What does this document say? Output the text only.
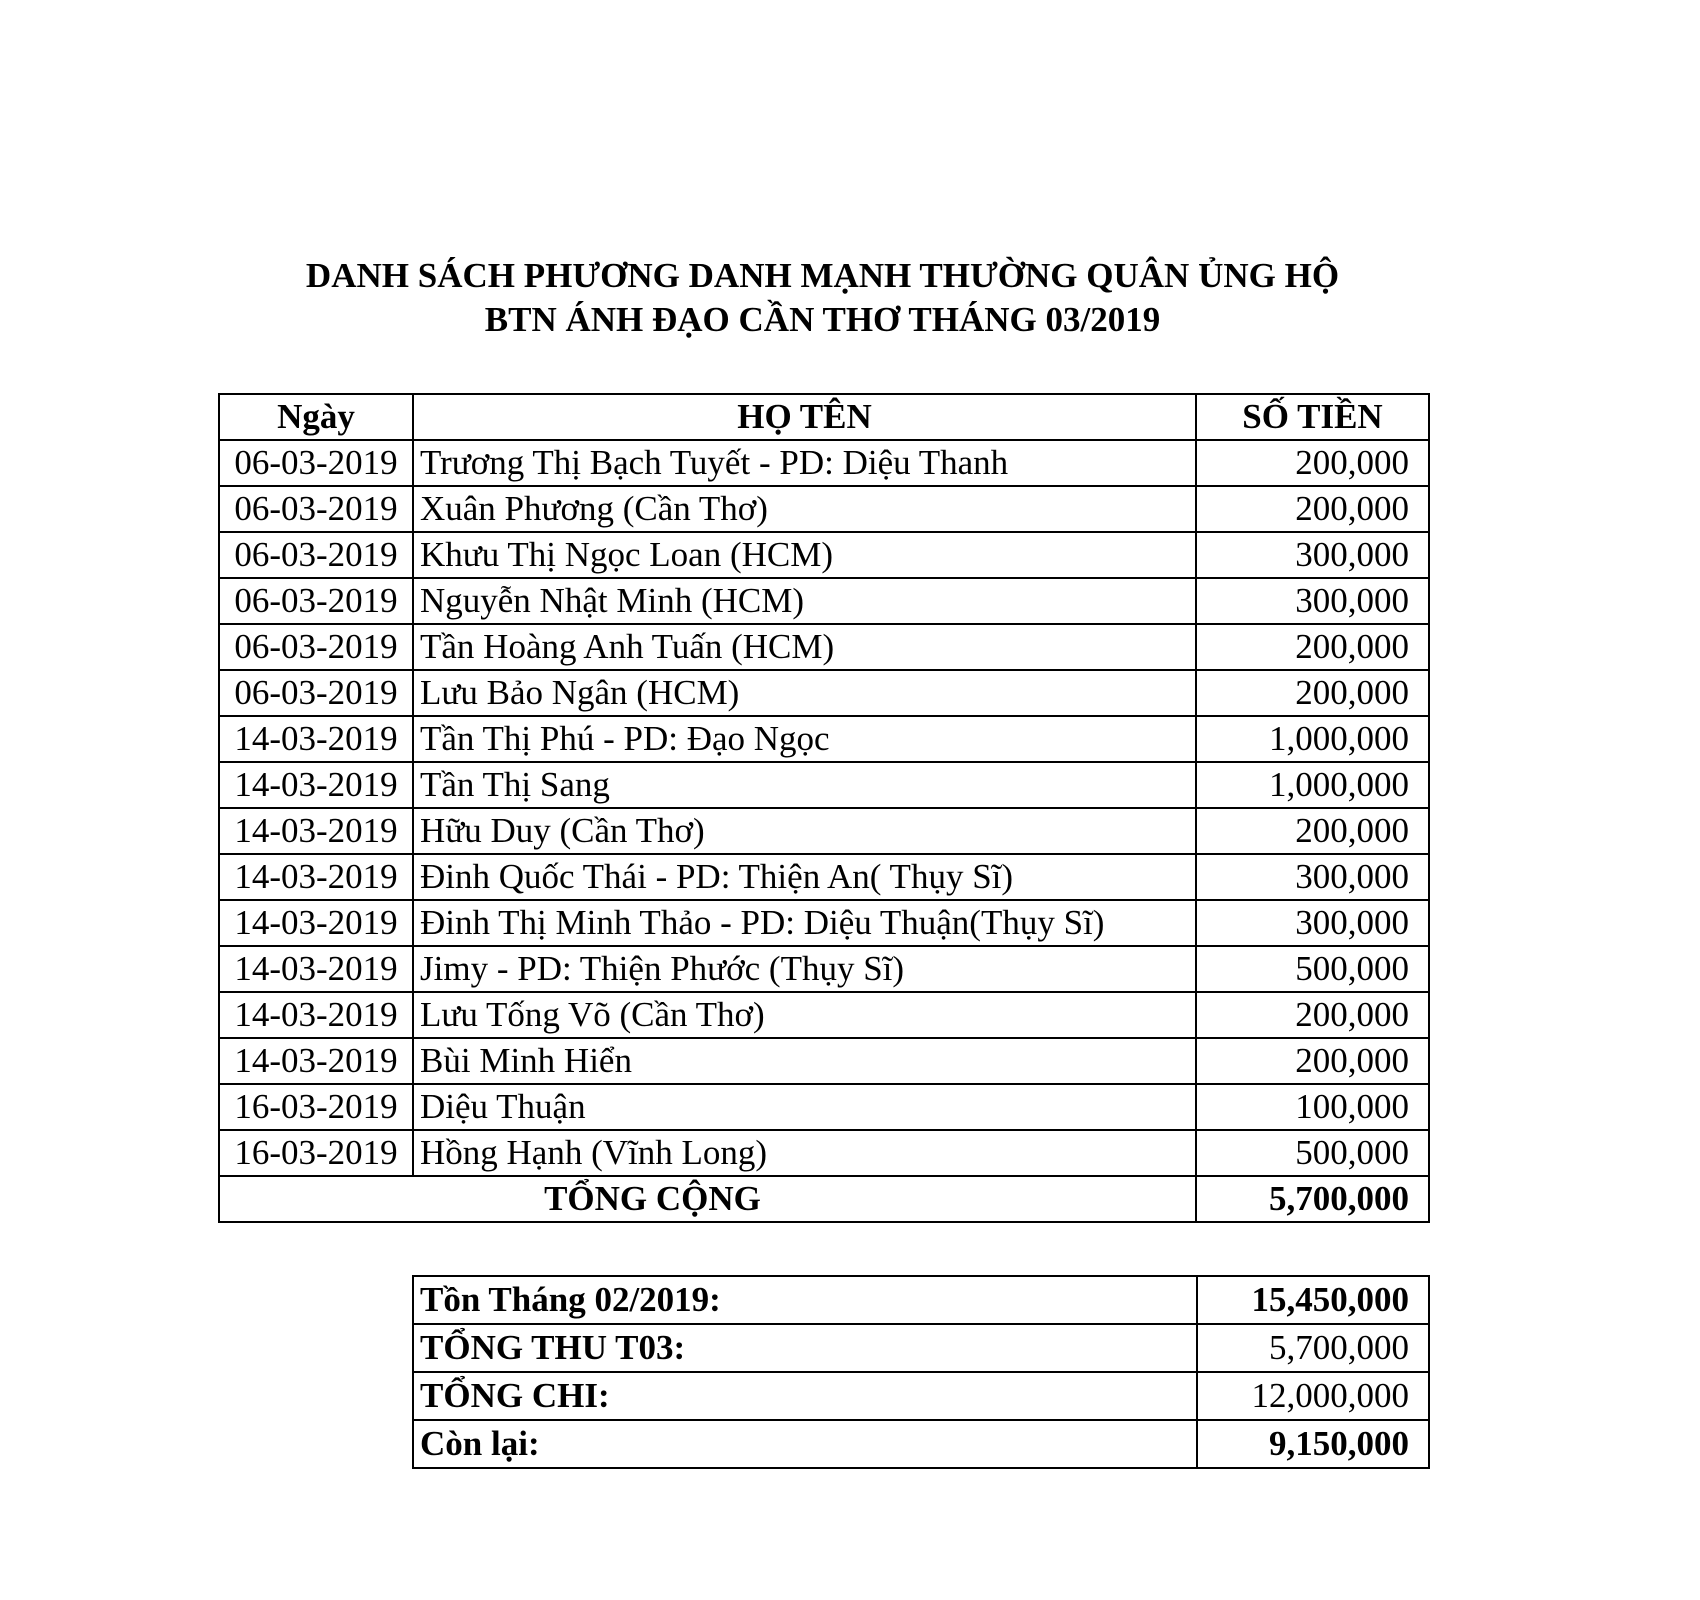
DANH SÁCH PHƯƠNG DANH MẠNH THƯỜNG QUÂN ỦNG HỘ
BTN ÁNH ĐẠO CẦN THƠ THÁNG 03/2019
Ngày	HỌ TÊN	SỐ TIỀN
06-03-2019	Trương Thị Bạch Tuyết - PD: Diệu Thanh	200,000
06-03-2019	Xuân Phương (Cần Thơ)	200,000
06-03-2019	Khưu Thị Ngọc Loan (HCM)	300,000
06-03-2019	Nguyễn Nhật Minh (HCM)	300,000
06-03-2019	Tần Hoàng Anh Tuấn (HCM)	200,000
06-03-2019	Lưu Bảo Ngân (HCM)	200,000
14-03-2019	Tần Thị Phú - PD: Đạo Ngọc	1,000,000
14-03-2019	Tần Thị Sang	1,000,000
14-03-2019	Hữu Duy (Cần Thơ)	200,000
14-03-2019	Đinh Quốc Thái - PD: Thiện An( Thụy Sĩ)	300,000
14-03-2019	Đinh Thị Minh Thảo - PD: Diệu Thuận(Thụy Sĩ)	300,000
14-03-2019	Jimy - PD: Thiện Phước (Thụy Sĩ)	500,000
14-03-2019	Lưu Tống Võ (Cần Thơ)	200,000
14-03-2019	Bùi Minh Hiển	200,000
16-03-2019	Diệu Thuận	100,000
16-03-2019	Hồng Hạnh (Vĩnh Long)	500,000
TỔNG CỘNG		5,700,000
Tồn Tháng 02/2019:	15,450,000
TỔNG THU T03:	5,700,000
TỔNG CHI:	12,000,000
Còn lại:	9,150,000
